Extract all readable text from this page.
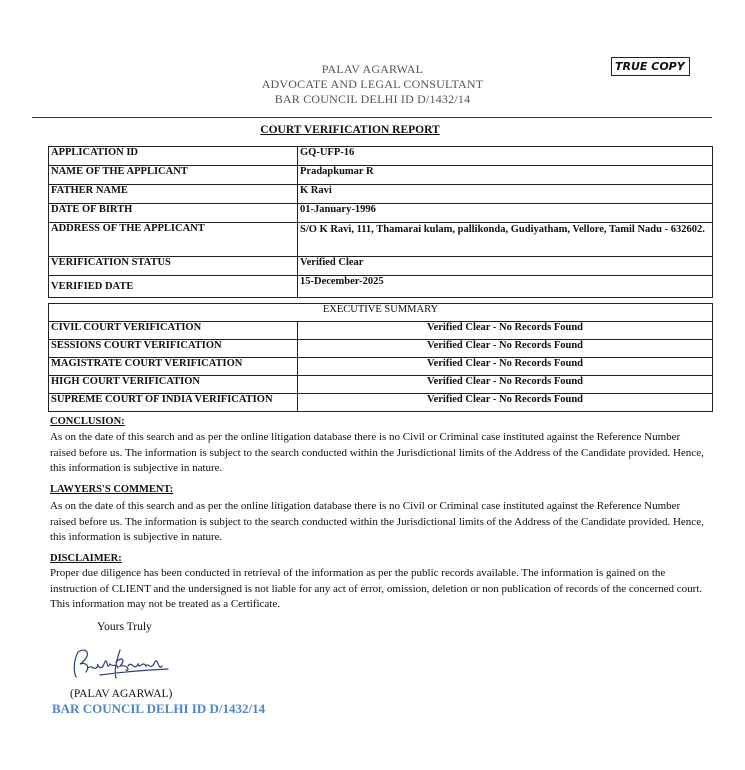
PALAV AGARWAL
ADVOCATE AND LEGAL CONSULTANT
BAR COUNCIL DELHI ID D/1432/14
TRUE COPY
COURT VERIFICATION REPORT
APPLICATION ID	GQ-UFP-16
NAME OF THE APPLICANT	Pradapkumar R
FATHER NAME	K Ravi
DATE OF BIRTH	01-January-1996
ADDRESS OF THE APPLICANT	S/O K Ravi, 111, Thamarai kulam, pallikonda, Gudiyatham, Vellore, Tamil Nadu - 632602.
VERIFICATION STATUS	Verified Clear
VERIFIED DATE	15-December-2025
EXECUTIVE SUMMARY	
CIVIL COURT VERIFICATION	Verified Clear - No Records Found
SESSIONS COURT VERIFICATION	Verified Clear - No Records Found
MAGISTRATE COURT VERIFICATION	Verified Clear - No Records Found
HIGH COURT VERIFICATION	Verified Clear - No Records Found
SUPREME COURT OF INDIA VERIFICATION	Verified Clear - No Records Found
CONCLUSION:
As on the date of this search and as per the online litigation database there is no Civil or Criminal case instituted against the Reference Number raised before us. The information is subject to the search conducted within the Jurisdictional limits of the Address of the Candidate provided. Hence, this information is subjective in nature.
LAWYERS'S COMMENT:
As on the date of this search and as per the online litigation database there is no Civil or Criminal case instituted against the Reference Number raised before us. The information is subject to the search conducted within the Jurisdictional limits of the Address of the Candidate provided. Hence, this information is subjective in nature.
DISCLAIMER:
Proper due diligence has been conducted in retrieval of the information as per the public records available. The information is gained on the instruction of CLIENT and the undersigned is not liable for any act of error, omission, deletion or non publication of records of the concerned court. This information may not be treated as a Certificate.
Yours Truly
(PALAV AGARWAL)
BAR COUNCIL DELHI ID D/1432/14
